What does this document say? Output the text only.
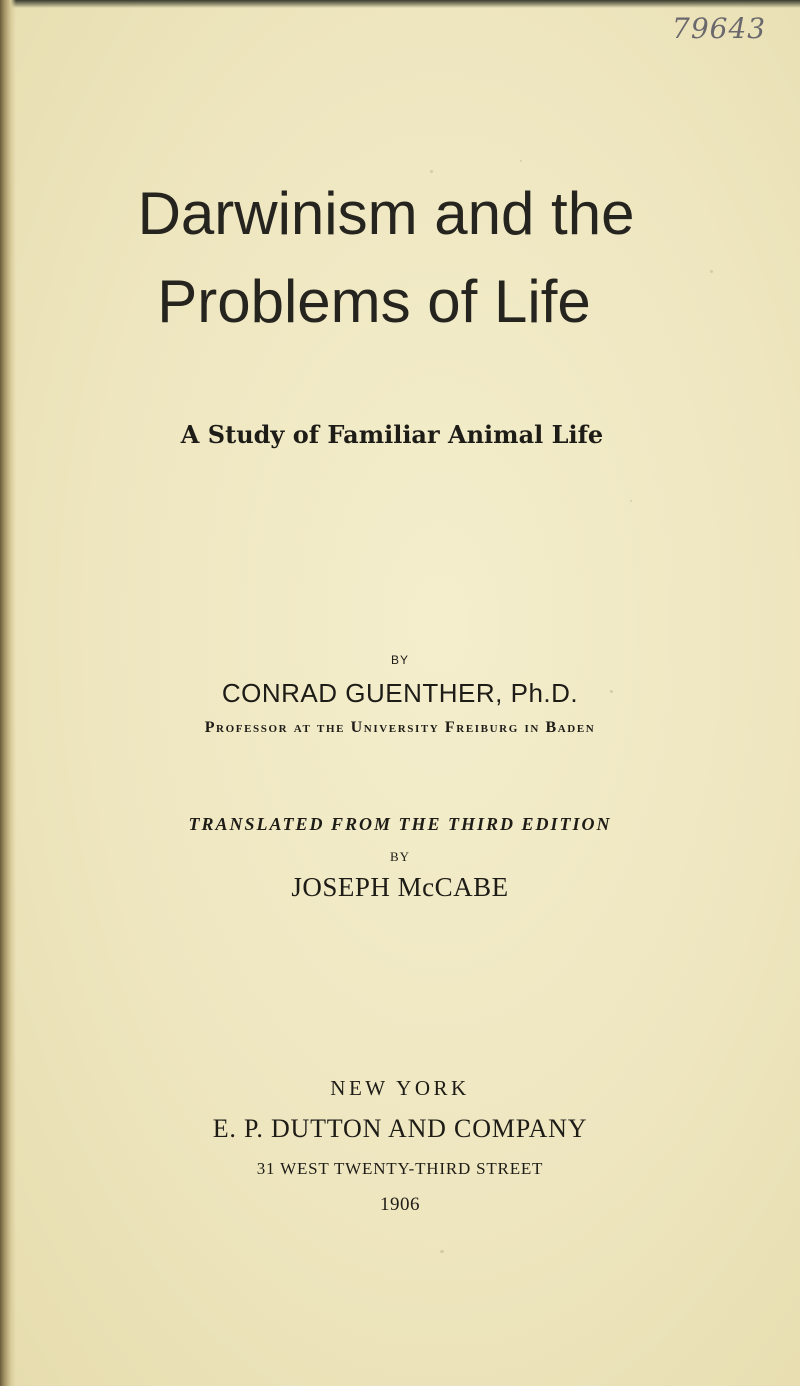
79643
Darwinism and the
Problems of Life

A Study of Familiar Animal Life

BY

CONRAD GUENTHER, Ph.D.

Professor at the University Freiburg in Baden

TRANSLATED FROM THE THIRD EDITION

BY

JOSEPH McCABE

NEW YORK

E. P. DUTTON AND COMPANY

31 WEST TWENTY-THIRD STREET

1906
